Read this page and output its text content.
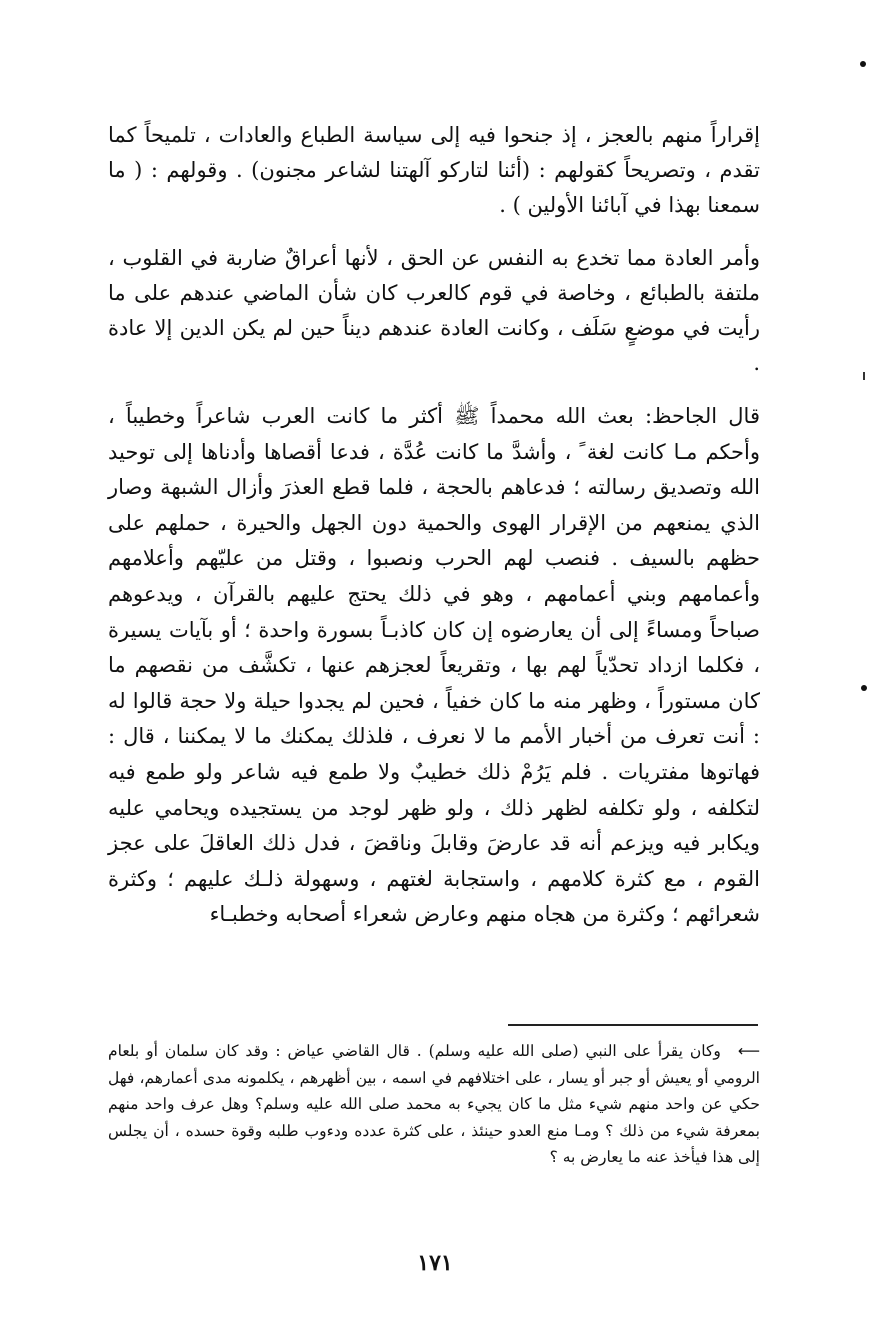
إقراراً منهم بالعجز ، إذ جنحوا فيه إلى سياسة الطباع والعادات ، تلميحاً كما تقدم ، وتصريحاً كقولهم : (أئنا لتاركو آلهتنا لشاعر مجنون) . وقولهم : ( ما سمعنا بهذا في آبائنا الأولين ) .

وأمر العادة مما تخدع به النفس عن الحق ، لأنها أعراقٌ ضاربة في القلوب ، ملتفة بالطبائع ، وخاصة في قوم كالعرب كان شأن الماضي عندهم على ما رأيت في موضعٍ سَلَف ، وكانت العادة عندهم ديناً حين لم يكن الدين إلا عادة .

قال الجاحظ: بعث الله محمداً ﷺ أكثر ما كانت العرب شاعراً وخطيباً ، وأحكم مـا كانت لغة ً ، وأشدَّ ما كانت عُدَّة ، فدعا أقصاها وأدناها إلى توحيد الله وتصديق رسالته ؛ فدعاهم بالحجة ، فلما قطع العذرَ وأزال الشبهة وصار الذي يمنعهم من الإقرار الهوى والحمية دون الجهل والحيرة ، حملهم على حظهم بالسيف . فنصب لهم الحرب ونصبوا ، وقتل من عليّهم وأعلامهم وأعمامهم وبني أعمامهم ، وهو في ذلك يحتج عليهم بالقرآن ، ويدعوهم صباحاً ومساءً إلى أن يعارضوه إن كان كاذبـاً بسورة واحدة ؛ أو بآيات يسيرة ، فكلما ازداد تحدّياً لهم بها ، وتقريعاً لعجزهم عنها ، تكشَّف من نقصهم ما كان مستوراً ، وظهر منه ما كان خفياً ، فحين لم يجدوا حيلة ولا حجة قالوا له : أنت تعرف من أخبار الأمم ما لا نعرف ، فلذلك يمكنك ما لا يمكننا ، قال : فهاتوها مفتريات . فلم يَرُمْ ذلك خطيبٌ ولا طمع فيه شاعر ولو طمع فيه لتكلفه ، ولو تكلفه لظهر ذلك ، ولو ظهر لوجد من يستجيده ويحامي عليه ويكابر فيه ويزعم أنه قد عارضَ وقابلَ وناقضَ ، فدل ذلك العاقلَ على عجز القوم ، مع كثرة كلامهم ، واستجابة لغتهم ، وسهولة ذلـك عليهم ؛ وكثرة شعرائهم ؛ وكثرة من هجاه منهم وعارض شعراء أصحابه وخطبـاء

⟵ وكان يقرأ على النبي (صلى الله عليه وسلم) . قال القاضي عياض : وقد كان سلمان أو بلعام الرومي أو يعيش أو جبر أو يسار ، على اختلافهم في اسمه ، بين أظهرهم ، يكلمونه مدى أعمارهم، فهل حكي عن واحد منهم شيء مثل ما كان يجيء به محمد صلى الله عليه وسلم؟ وهل عرف واحد منهم بمعرفة شيء من ذلك ؟ ومـا منع العدو حينئذ ، على كثرة عدده ودءوب طلبه وقوة حسده ، أن يجلس إلى هذا فيأخذ عنه ما يعارض به ؟
١٧١
